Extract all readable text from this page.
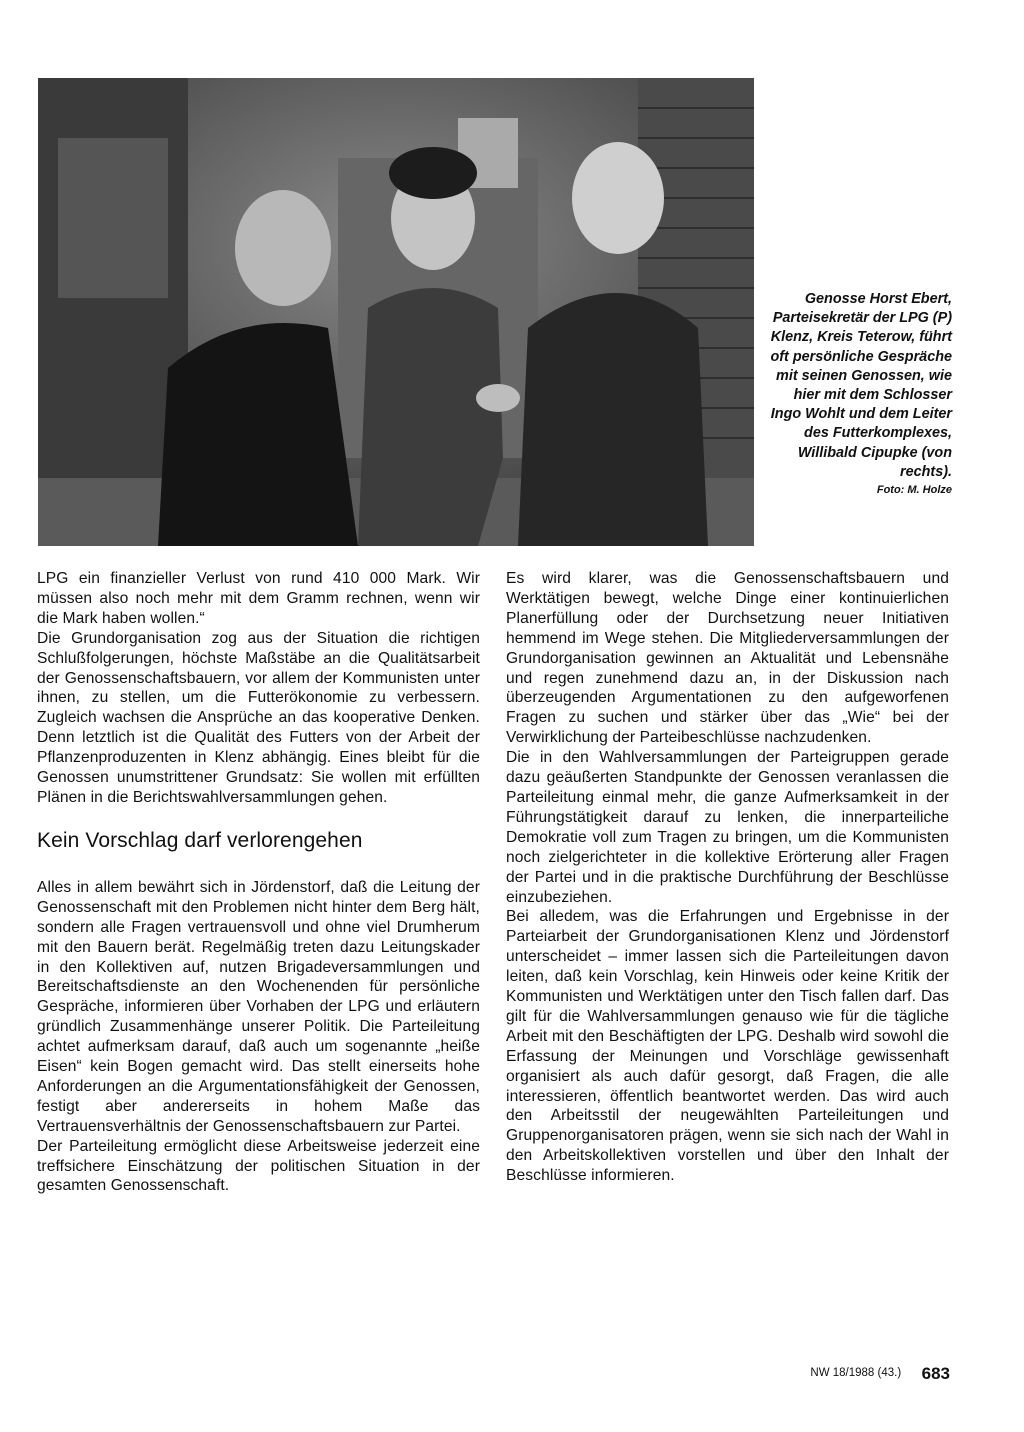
Genosse Horst Ebert, Parteisekretär der LPG (P) Klenz, Kreis Teterow, führt oft persönliche Gespräche mit seinen Genossen, wie hier mit dem Schlosser Ingo Wohlt und dem Leiter des Futterkomplexes, Willibald Cipupke (von rechts).
Foto: M. Holze

LPG ein finanzieller Verlust von rund 410 000 Mark. Wir müssen also noch mehr mit dem Gramm rechnen, wenn wir die Mark haben wollen.“

Die Grundorganisation zog aus der Situation die richtigen Schlußfolgerungen, höchste Maßstäbe an die Qualitätsarbeit der Genossenschaftsbauern, vor allem der Kommunisten unter ihnen, zu stellen, um die Futterökonomie zu verbessern. Zugleich wachsen die Ansprüche an das kooperative Denken. Denn letztlich ist die Qualität des Futters von der Arbeit der Pflanzenproduzenten in Klenz abhängig. Eines bleibt für die Genossen unumstrittener Grundsatz: Sie wollen mit erfüllten Plänen in die Berichtswahlversammlungen gehen.

Kein Vorschlag darf verlorengehen

Alles in allem bewährt sich in Jördenstorf, daß die Leitung der Genossenschaft mit den Problemen nicht hinter dem Berg hält, sondern alle Fragen vertrauensvoll und ohne viel Drumherum mit den Bauern berät. Regelmäßig treten dazu Leitungskader in den Kollektiven auf, nutzen Brigadeversammlungen und Bereitschaftsdienste an den Wochenenden für persönliche Gespräche, informieren über Vorhaben der LPG und erläutern gründlich Zusammenhänge unserer Politik. Die Parteileitung achtet aufmerksam darauf, daß auch um sogenannte „heiße Eisen“ kein Bogen gemacht wird. Das stellt einerseits hohe Anforderungen an die Argumentationsfähigkeit der Genossen, festigt aber andererseits in hohem Maße das Vertrauensverhältnis der Genossenschaftsbauern zur Partei.

Der Parteileitung ermöglicht diese Arbeitsweise jederzeit eine treffsichere Einschätzung der politischen Situation in der gesamten Genossenschaft.

Es wird klarer, was die Genossenschaftsbauern und Werktätigen bewegt, welche Dinge einer kontinuierlichen Planerfüllung oder der Durchsetzung neuer Initiativen hemmend im Wege stehen. Die Mitgliederversammlungen der Grundorganisation gewinnen an Aktualität und Lebensnähe und regen zunehmend dazu an, in der Diskussion nach überzeugenden Argumentationen zu den aufgeworfenen Fragen zu suchen und stärker über das „Wie“ bei der Verwirklichung der Parteibeschlüsse nachzudenken.

Die in den Wahlversammlungen der Parteigruppen gerade dazu geäußerten Standpunkte der Genossen veranlassen die Parteileitung einmal mehr, die ganze Aufmerksamkeit in der Führungstätigkeit darauf zu lenken, die innerparteiliche Demokratie voll zum Tragen zu bringen, um die Kommunisten noch zielgerichteter in die kollektive Erörterung aller Fragen der Partei und in die praktische Durchführung der Beschlüsse einzubeziehen.

Bei alledem, was die Erfahrungen und Ergebnisse in der Parteiarbeit der Grundorganisationen Klenz und Jördenstorf unterscheidet – immer lassen sich die Parteileitungen davon leiten, daß kein Vorschlag, kein Hinweis oder keine Kritik der Kommunisten und Werktätigen unter den Tisch fallen darf. Das gilt für die Wahlversammlungen genauso wie für die tägliche Arbeit mit den Beschäftigten der LPG. Deshalb wird sowohl die Erfassung der Meinungen und Vorschläge gewissenhaft organisiert als auch dafür gesorgt, daß Fragen, die alle interessieren, öffentlich beantwortet werden. Das wird auch den Arbeitsstil der neugewählten Parteileitungen und Gruppenorganisatoren prägen, wenn sie sich nach der Wahl in den Arbeitskollektiven vorstellen und über den Inhalt der Beschlüsse informieren.

NW 18/1988 (43.) 683
